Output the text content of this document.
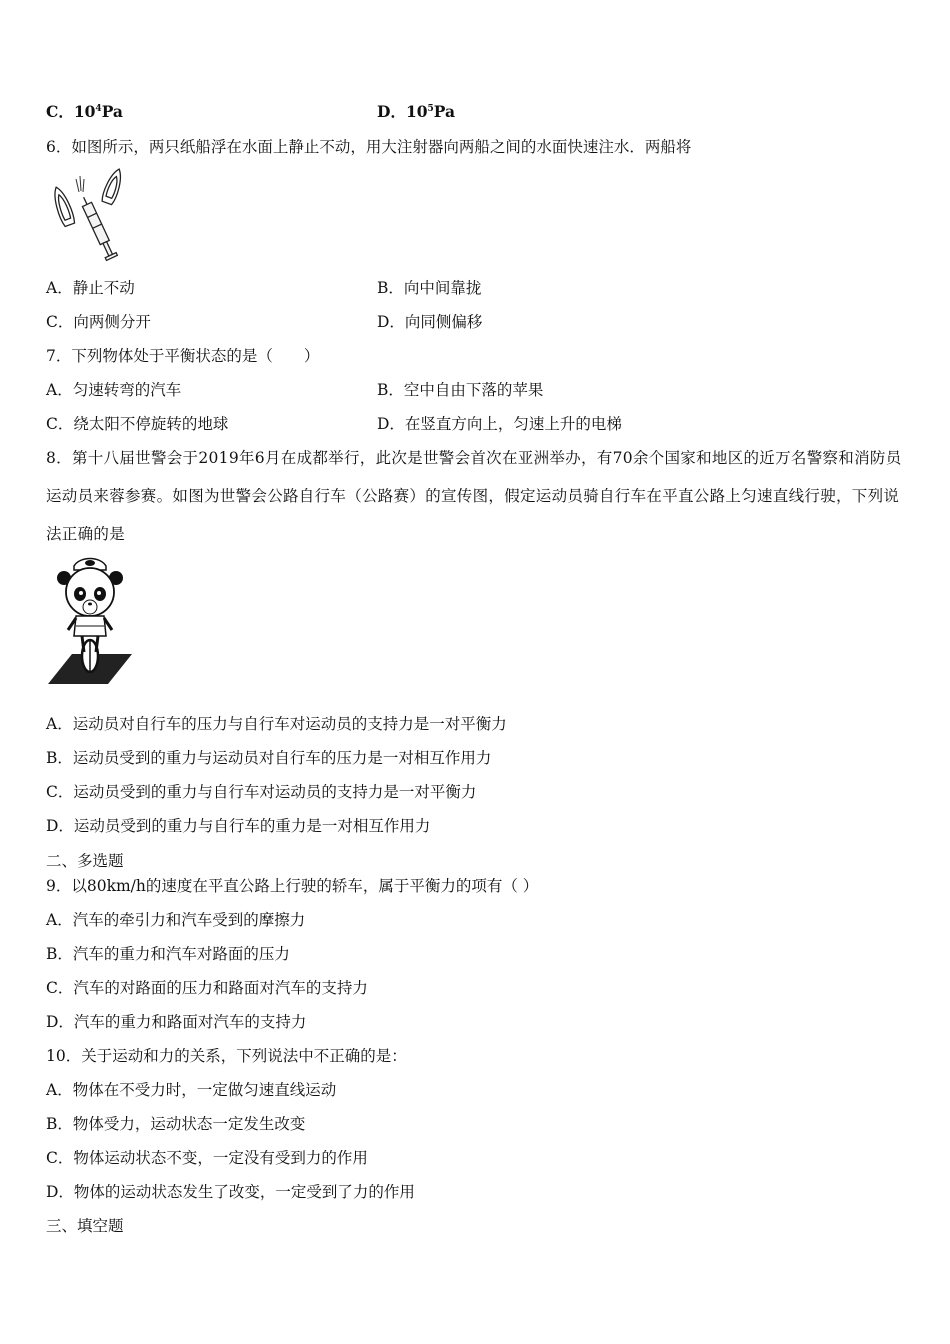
C．$10^4Pa$	D．$10^5Pa$
6．如图所示，两只纸船浮在水面上静止不动，用大注射器向两船之间的水面快速注水．两船将
A．静止不动	B．向中间靠拢
C．向两侧分开	D．向同侧偏移
7．下列物体处于平衡状态的是（　　）
A．匀速转弯的汽车	B．空中自由下落的苹果
C．绕太阳不停旋转的地球	D．在竖直方向上，匀速上升的电梯
8．第十八届世警会于2019年6月在成都举行，此次是世警会首次在亚洲举办，有70余个国家和地区的近万名警察和消防员运动员来蓉参赛。如图为世警会公路自行车（公路赛）的宣传图，假定运动员骑自行车在平直公路上匀速直线行驶，下列说法正确的是
A．运动员对自行车的压力与自行车对运动员的支持力是一对平衡力
B．运动员受到的重力与运动员对自行车的压力是一对相互作用力
C．运动员受到的重力与自行车对运动员的支持力是一对平衡力
D．运动员受到的重力与自行车的重力是一对相互作用力
二、多选题
9．以80km/h的速度在平直公路上行驶的轿车，属于平衡力的项有（ ）
A．汽车的牵引力和汽车受到的摩擦力
B．汽车的重力和汽车对路面的压力
C．汽车的对路面的压力和路面对汽车的支持力
D．汽车的重力和路面对汽车的支持力
10．关于运动和力的关系，下列说法中不正确的是：
A．物体在不受力时，一定做匀速直线运动
B．物体受力，运动状态一定发生改变
C．物体运动状态不变，一定没有受到力的作用
D．物体的运动状态发生了改变，一定受到了力的作用
三、填空题
